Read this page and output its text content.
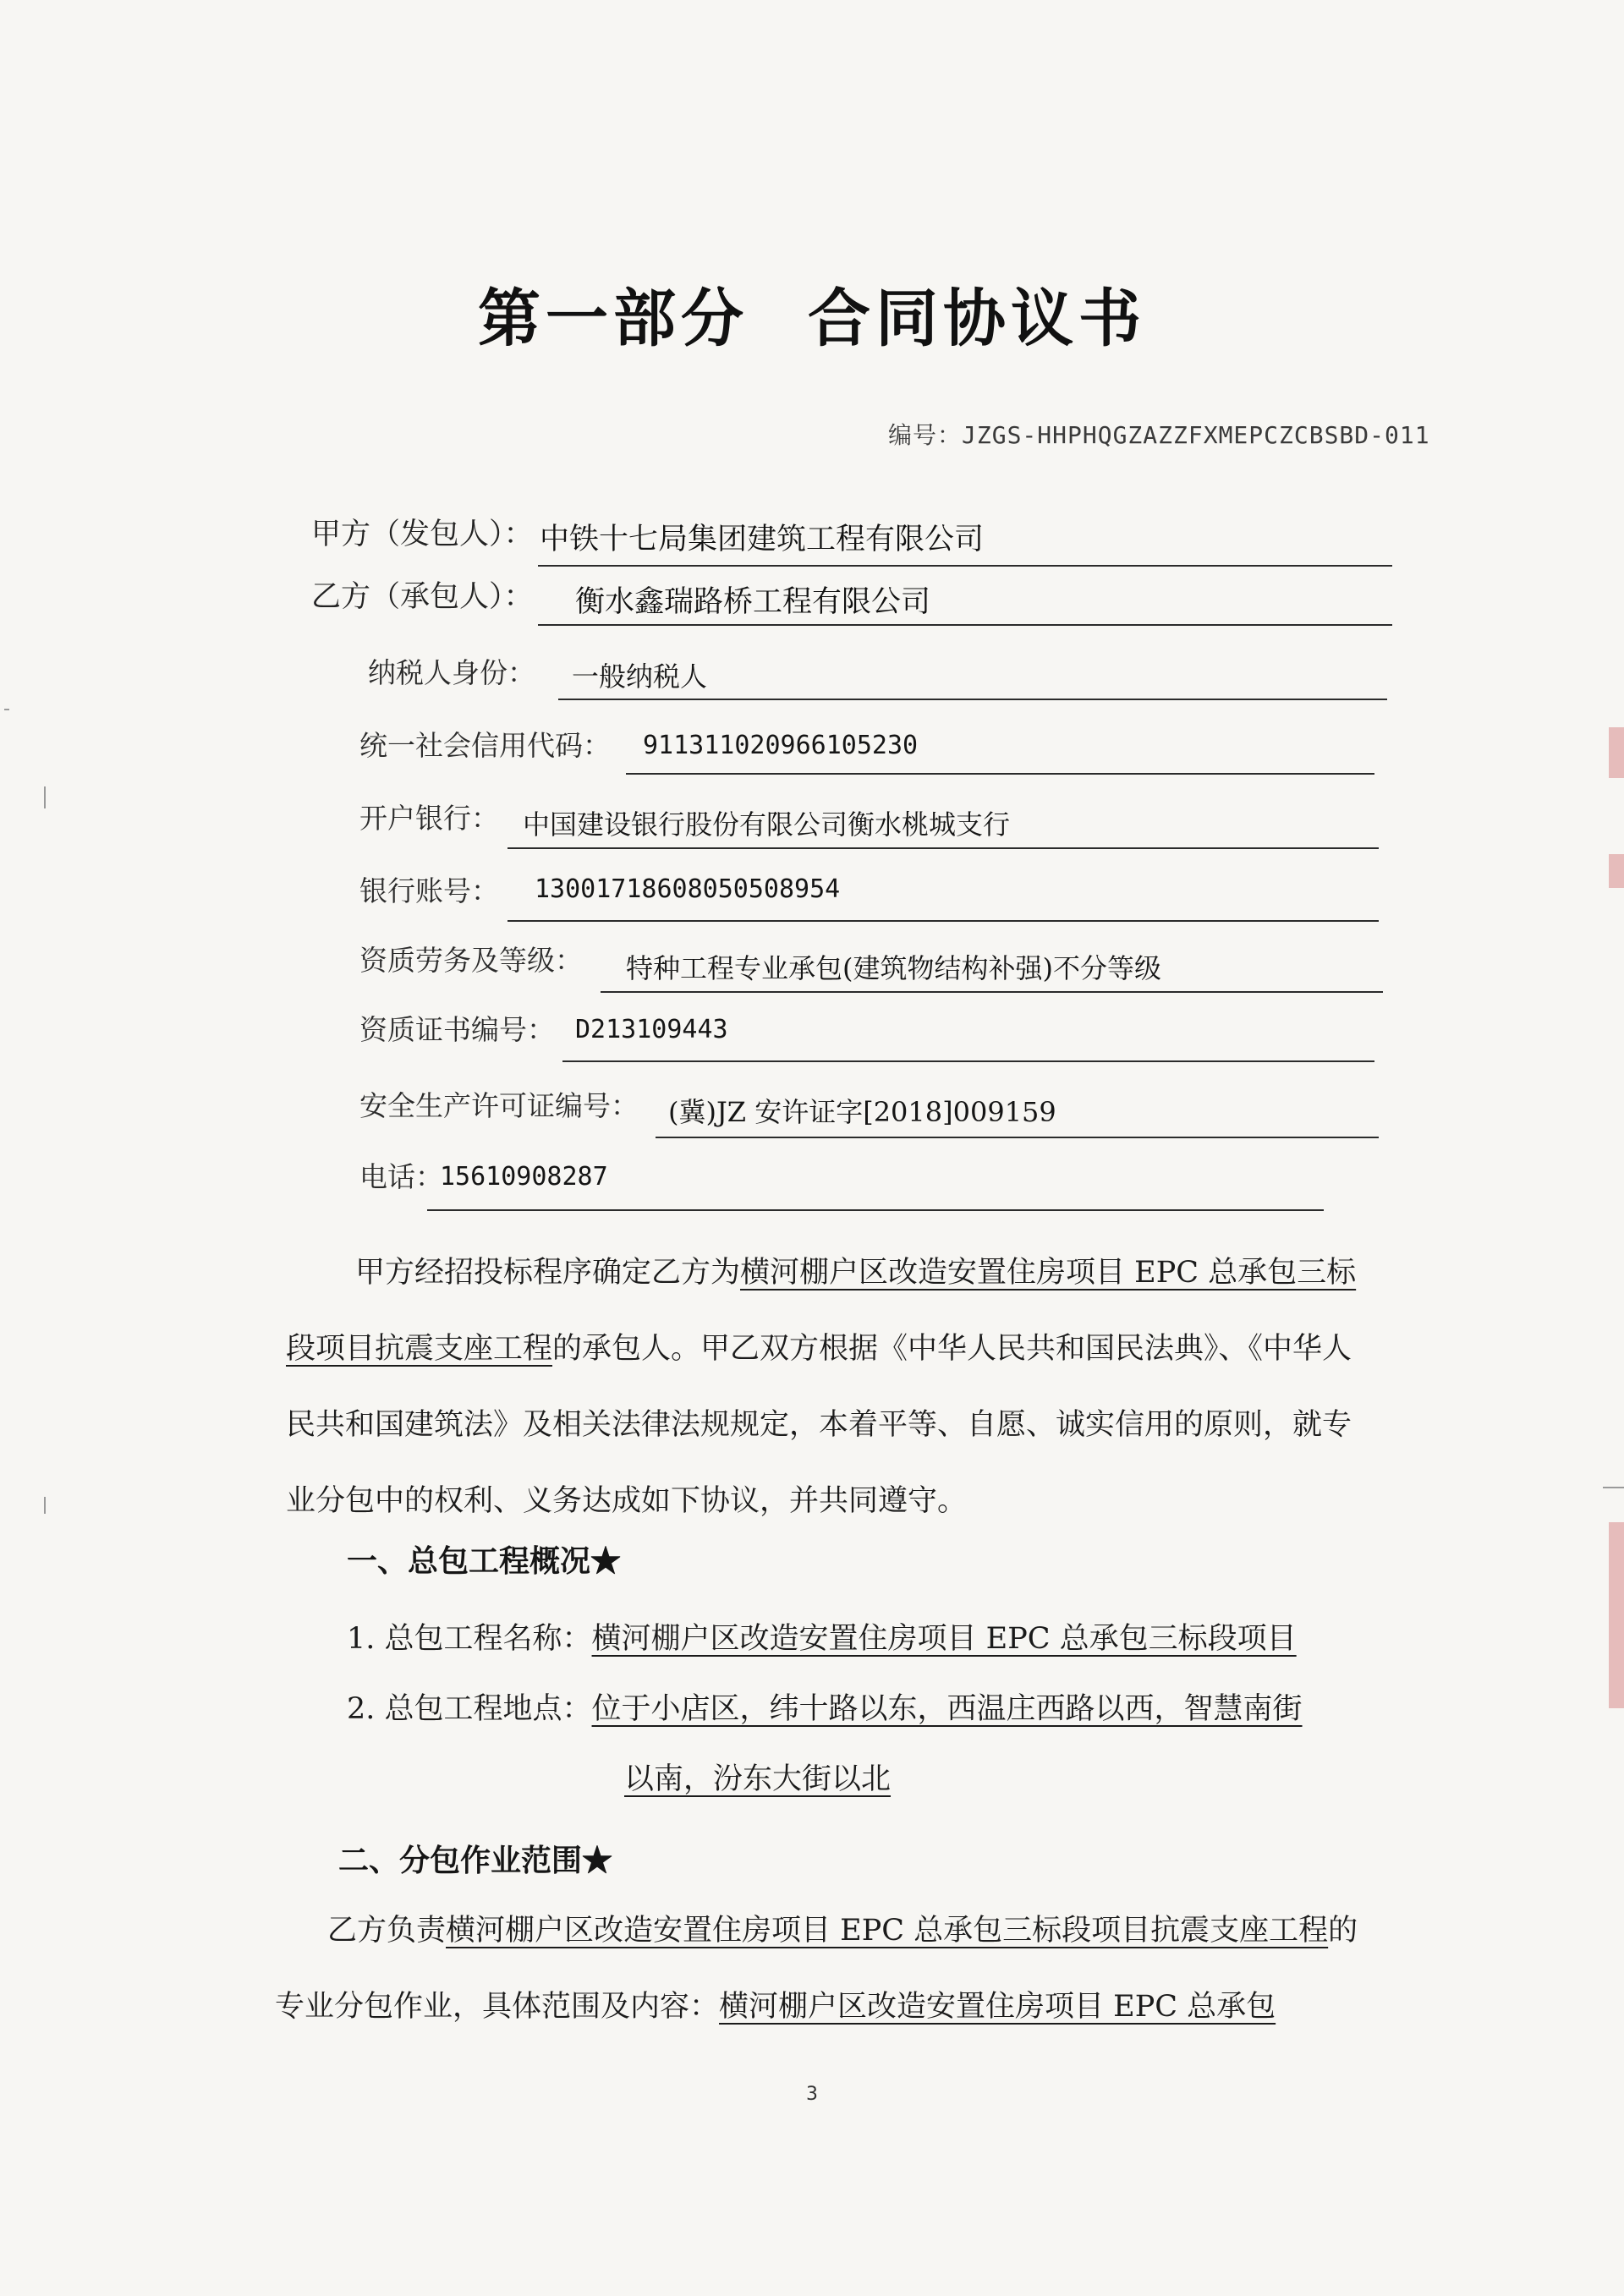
第一部分 合同协议书
编号：JZGS-HHPHQGZAZZFXMEPCZCBSBD-011
甲方（发包人）： 中铁十七局集团建筑工程有限公司
乙方（承包人）： 衡水鑫瑞路桥工程有限公司
纳税人身份： 一般纳税人
统一社会信用代码： 911311020966105230
开户银行： 中国建设银行股份有限公司衡水桃城支行
银行账号： 13001718608050508954
资质劳务及等级： 特种工程专业承包(建筑物结构补强)不分等级
资质证书编号： D213109443
安全生产许可证编号： (冀)JZ 安许证字[2018]009159
电话：
15610908287
甲方经招投标程序确定乙方为横河棚户区改造安置住房项目 EPC 总承包三标段项目抗震支座工程的承包人。甲乙双方根据《中华人民共和国民法典》、《中华人民共和国建筑法》及相关法律法规规定，本着平等、自愿、诚实信用的原则，就专业分包中的权利、义务达成如下协议，并共同遵守。
一、总包工程概况★
1. 总包工程名称：横河棚户区改造安置住房项目 EPC 总承包三标段项目
2. 总包工程地点：位于小店区，纬十路以东，西温庄西路以西，智慧南街
以南，汾东大街以北
二、分包作业范围★
乙方负责横河棚户区改造安置住房项目 EPC 总承包三标段项目抗震支座工程的专业分包作业，具体范围及内容：横河棚户区改造安置住房项目 EPC 总承包
3
